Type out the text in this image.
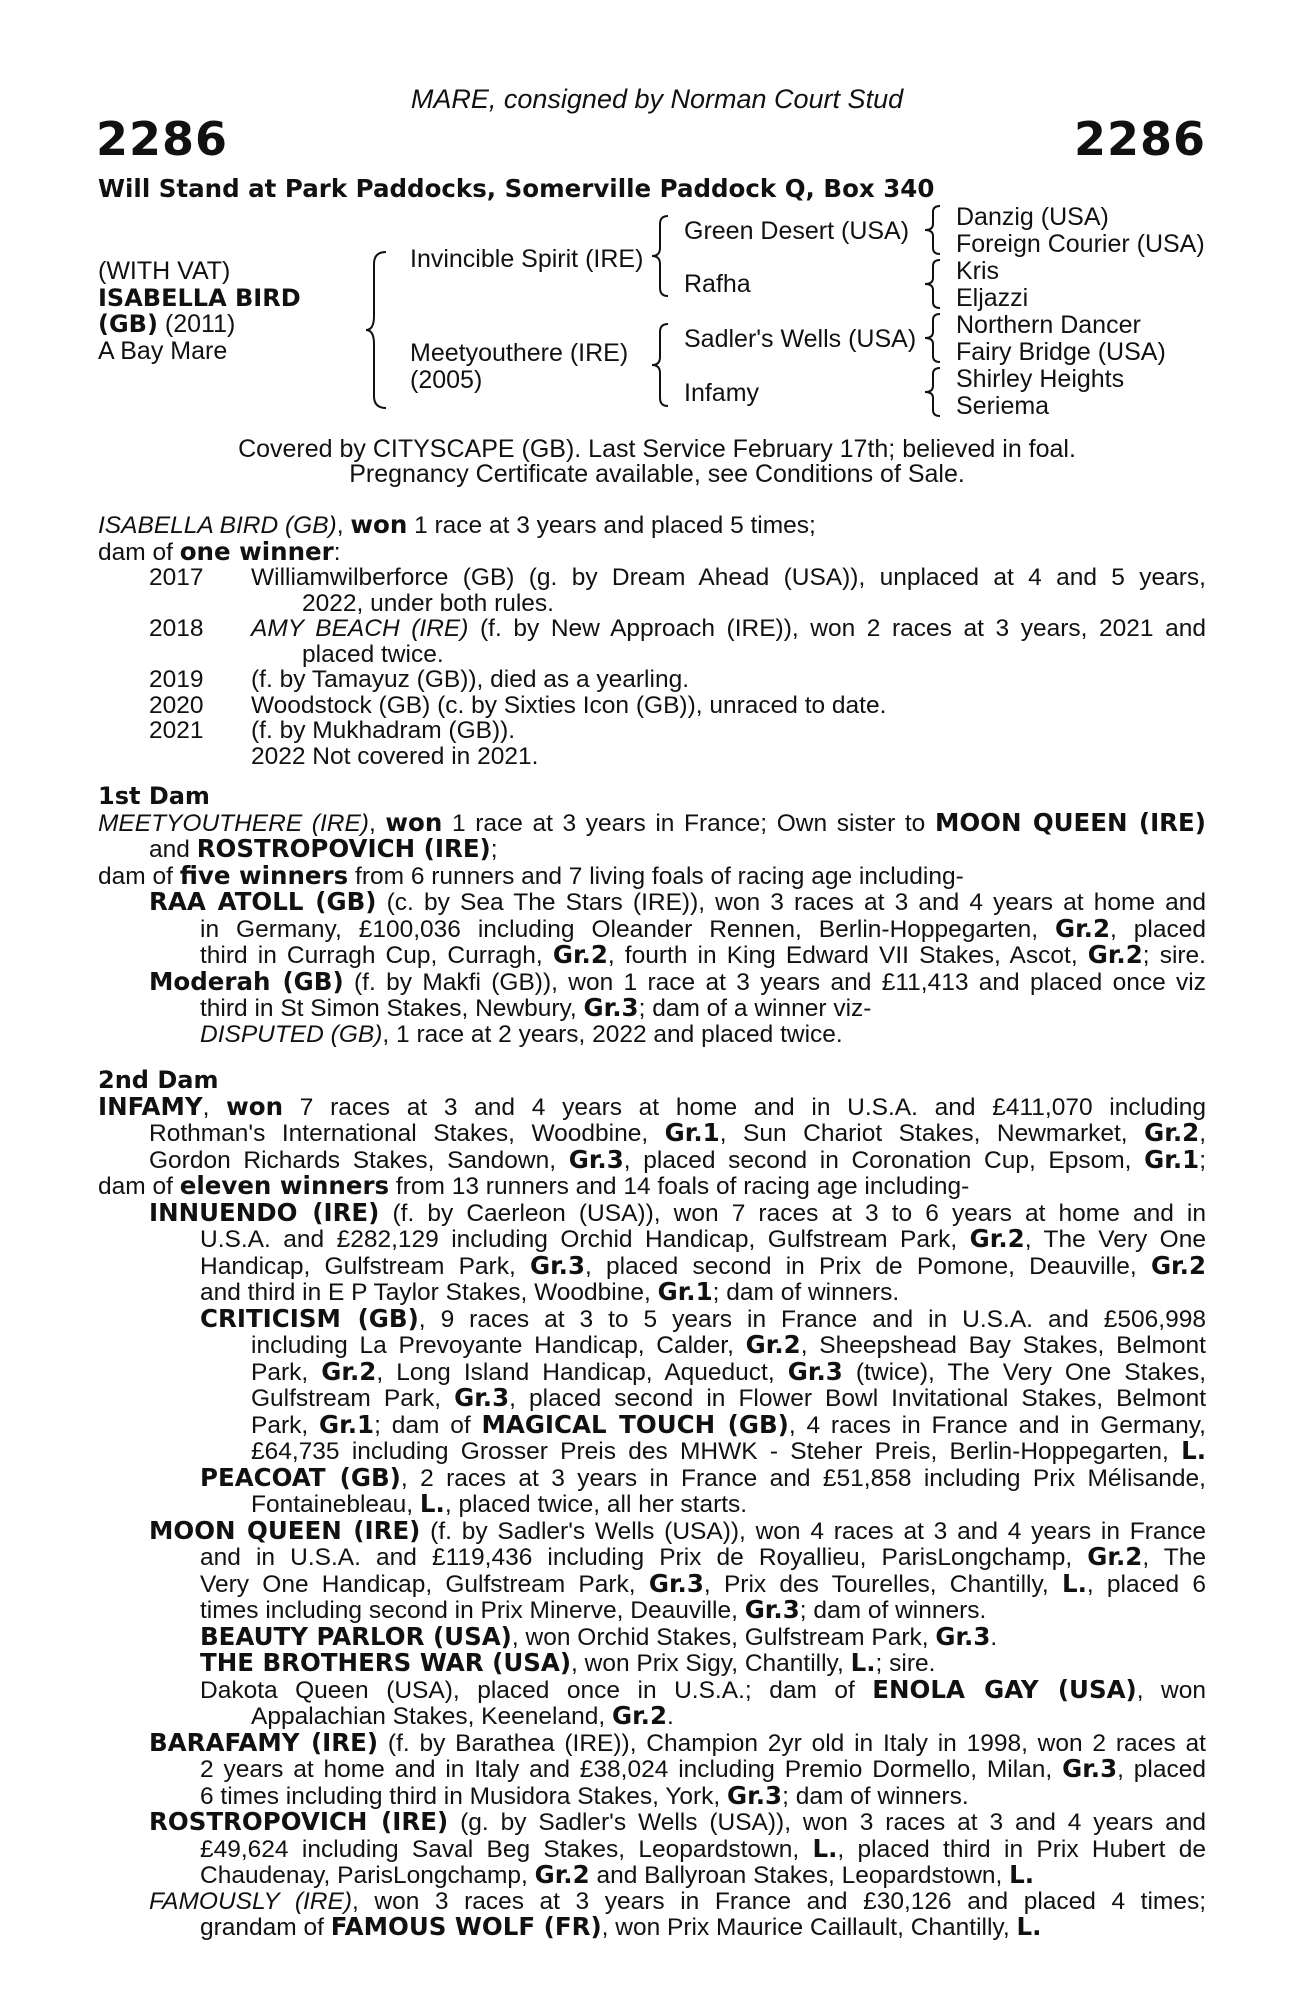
MARE, consigned by Norman Court Stud
2286	2286
Will Stand at Park Paddocks, Somerville Paddock Q, Box 340
(WITH VAT)
ISABELLA BIRD
(GB) (2011)
A Bay Mare
Invincible Spirit (IRE)
Meetyouthere (IRE)
(2005)
Green Desert (USA)
Rafha
Sadler's Wells (USA)
Infamy
Danzig (USA)
Foreign Courier (USA)
Kris
Eljazzi
Northern Dancer
Fairy Bridge (USA)
Shirley Heights
Seriema
Covered by CITYSCAPE (GB). Last Service February 17th; believed in foal.
Pregnancy Certificate available, see Conditions of Sale.

ISABELLA BIRD (GB), won 1 race at 3 years and placed 5 times;

dam of one winner:

2017 Williamwilberforce (GB) (g. by Dream Ahead (USA)), unplaced at 4 and 5 years,

2022, under both rules.

2018 AMY BEACH (IRE) (f. by New Approach (IRE)), won 2 races at 3 years, 2021 and

placed twice.

2019 (f. by Tamayuz (GB)), died as a yearling.

2020 Woodstock (GB) (c. by Sixties Icon (GB)), unraced to date.

2021 (f. by Mukhadram (GB)).

2022 Not covered in 2021.

1st Dam

MEETYOUTHERE (IRE), won 1 race at 3 years in France; Own sister to MOON QUEEN (IRE)

and ROSTROPOVICH (IRE);

dam of five winners from 6 runners and 7 living foals of racing age including-

RAA ATOLL (GB) (c. by Sea The Stars (IRE)), won 3 races at 3 and 4 years at home and

in Germany, £100,036 including Oleander Rennen, Berlin-Hoppegarten, Gr.2, placed

third in Curragh Cup, Curragh, Gr.2, fourth in King Edward VII Stakes, Ascot, Gr.2; sire.

Moderah (GB) (f. by Makfi (GB)), won 1 race at 3 years and £11,413 and placed once viz

third in St Simon Stakes, Newbury, Gr.3; dam of a winner viz-

DISPUTED (GB), 1 race at 2 years, 2022 and placed twice.

2nd Dam

INFAMY, won 7 races at 3 and 4 years at home and in U.S.A. and £411,070 including

Rothman's International Stakes, Woodbine, Gr.1, Sun Chariot Stakes, Newmarket, Gr.2,

Gordon Richards Stakes, Sandown, Gr.3, placed second in Coronation Cup, Epsom, Gr.1;

dam of eleven winners from 13 runners and 14 foals of racing age including-

INNUENDO (IRE) (f. by Caerleon (USA)), won 7 races at 3 to 6 years at home and in

U.S.A. and £282,129 including Orchid Handicap, Gulfstream Park, Gr.2, The Very One

Handicap, Gulfstream Park, Gr.3, placed second in Prix de Pomone, Deauville, Gr.2

and third in E P Taylor Stakes, Woodbine, Gr.1; dam of winners.

CRITICISM (GB), 9 races at 3 to 5 years in France and in U.S.A. and £506,998

including La Prevoyante Handicap, Calder, Gr.2, Sheepshead Bay Stakes, Belmont

Park, Gr.2, Long Island Handicap, Aqueduct, Gr.3 (twice), The Very One Stakes,

Gulfstream Park, Gr.3, placed second in Flower Bowl Invitational Stakes, Belmont

Park, Gr.1; dam of MAGICAL TOUCH (GB), 4 races in France and in Germany,

£64,735 including Grosser Preis des MHWK - Steher Preis, Berlin-Hoppegarten, L.

PEACOAT (GB), 2 races at 3 years in France and £51,858 including Prix Mélisande,

Fontainebleau, L., placed twice, all her starts.

MOON QUEEN (IRE) (f. by Sadler's Wells (USA)), won 4 races at 3 and 4 years in France

and in U.S.A. and £119,436 including Prix de Royallieu, ParisLongchamp, Gr.2, The

Very One Handicap, Gulfstream Park, Gr.3, Prix des Tourelles, Chantilly, L., placed 6

times including second in Prix Minerve, Deauville, Gr.3; dam of winners.

BEAUTY PARLOR (USA), won Orchid Stakes, Gulfstream Park, Gr.3.

THE BROTHERS WAR (USA), won Prix Sigy, Chantilly, L.; sire.

Dakota Queen (USA), placed once in U.S.A.; dam of ENOLA GAY (USA), won

Appalachian Stakes, Keeneland, Gr.2.

BARAFAMY (IRE) (f. by Barathea (IRE)), Champion 2yr old in Italy in 1998, won 2 races at

2 years at home and in Italy and £38,024 including Premio Dormello, Milan, Gr.3, placed

6 times including third in Musidora Stakes, York, Gr.3; dam of winners.

ROSTROPOVICH (IRE) (g. by Sadler's Wells (USA)), won 3 races at 3 and 4 years and

£49,624 including Saval Beg Stakes, Leopardstown, L., placed third in Prix Hubert de

Chaudenay, ParisLongchamp, Gr.2 and Ballyroan Stakes, Leopardstown, L.

FAMOUSLY (IRE), won 3 races at 3 years in France and £30,126 and placed 4 times;

grandam of FAMOUS WOLF (FR), won Prix Maurice Caillault, Chantilly, L.
